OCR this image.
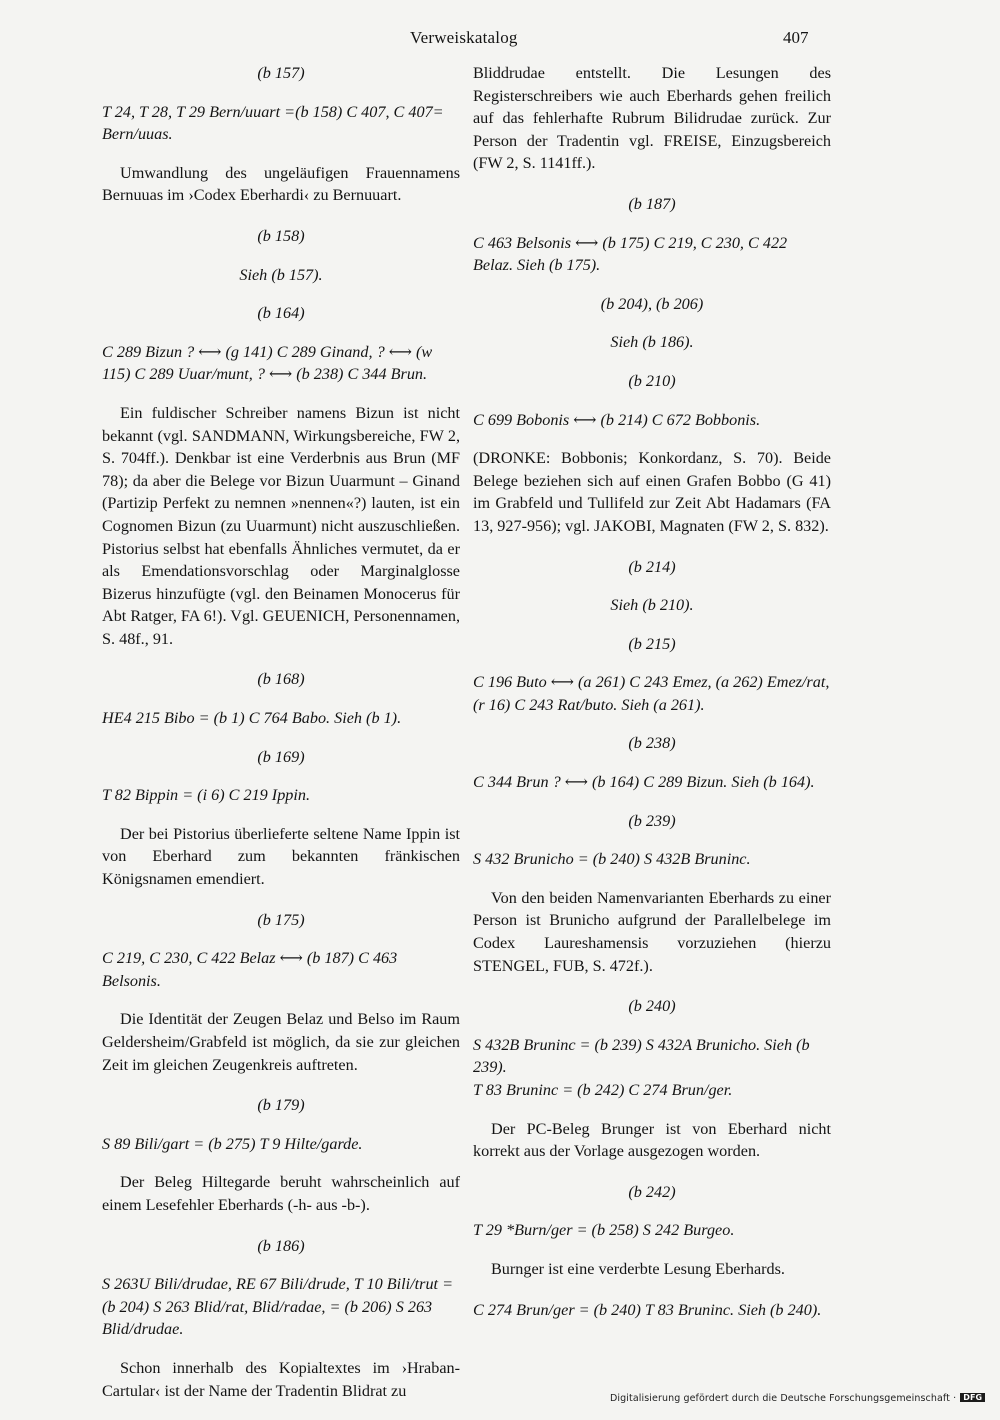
Verweiskatalog	407
(b 157)
T 24, T 28, T 29 Bern/uuart =(b 158) C 407, C 407= Bern/uuas.
Umwandlung des ungeläufigen Frauennamens Bernuuas im ›Codex Eberhardi‹ zu Bernuuart.
(b 158)
Sieh (b 157).
(b 164)
C 289 Bizun ? ⟷ (g 141) C 289 Ginand, ? ⟷ (w 115) C 289 Uuar/munt, ? ⟷ (b 238) C 344 Brun.
Ein fuldischer Schreiber namens Bizun ist nicht bekannt (vgl. SANDMANN, Wirkungsbereiche, FW 2, S. 704ff.). Denkbar ist eine Verderbnis aus Brun (MF 78); da aber die Belege vor Bizun Uuarmunt – Ginand (Partizip Perfekt zu nemnen »nennen«?) lauten, ist ein Cognomen Bizun (zu Uuarmunt) nicht auszuschließen. Pistorius selbst hat ebenfalls Ähnliches vermutet, da er als Emendationsvorschlag oder Marginalglosse Bizerus hinzufügte (vgl. den Beinamen Monocerus für Abt Ratger, FA 6!). Vgl. GEUENICH, Personennamen, S. 48f., 91.
(b 168)
HE4 215 Bibo = (b 1) C 764 Babo. Sieh (b 1).
(b 169)
T 82 Bippin = (i 6) C 219 Ippin.
Der bei Pistorius überlieferte seltene Name Ippin ist von Eberhard zum bekannten fränkischen Königsnamen emendiert.
(b 175)
C 219, C 230, C 422 Belaz ⟷ (b 187) C 463 Belsonis.
Die Identität der Zeugen Belaz und Belso im Raum Geldersheim/Grabfeld ist möglich, da sie zur gleichen Zeit im gleichen Zeugenkreis auftreten.
(b 179)
S 89 Bili/gart = (b 275) T 9 Hilte/garde.
Der Beleg Hiltegarde beruht wahrscheinlich auf einem Lesefehler Eberhards (-h- aus -b-).
(b 186)
S 263U Bili/drudae, RE 67 Bili/drude, T 10 Bili/trut =(b 204) S 263 Blid/rat, Blid/radae, = (b 206) S 263 Blid/drudae.
Schon innerhalb des Kopialtextes im ›Hraban-Cartular‹ ist der Name der Tradentin Blidrat zu
Bliddrudae entstellt. Die Lesungen des Registerschreibers wie auch Eberhards gehen freilich auf das fehlerhafte Rubrum Bilidrudae zurück. Zur Person der Tradentin vgl. FREISE, Einzugsbereich (FW 2, S. 1141ff.).
(b 187)
C 463 Belsonis ⟷ (b 175) C 219, C 230, C 422 Belaz. Sieh (b 175).
(b 204), (b 206)
Sieh (b 186).
(b 210)
C 699 Bobonis ⟷ (b 214) C 672 Bobbonis.
(DRONKE: Bobbonis; Konkordanz, S. 70). Beide Belege beziehen sich auf einen Grafen Bobbo (G 41) im Grabfeld und Tullifeld zur Zeit Abt Hadamars (FA 13, 927-956); vgl. JAKOBI, Magnaten (FW 2, S. 832).
(b 214)
Sieh (b 210).
(b 215)
C 196 Buto ⟷ (a 261) C 243 Emez, (a 262) Emez/rat, (r 16) C 243 Rat/buto. Sieh (a 261).
(b 238)
C 344 Brun ? ⟷ (b 164) C 289 Bizun. Sieh (b 164).
(b 239)
S 432 Brunicho = (b 240) S 432B Bruninc.
Von den beiden Namenvarianten Eberhards zu einer Person ist Brunicho aufgrund der Parallelbelege im Codex Laureshamensis vorzuziehen (hierzu STENGEL, FUB, S. 472f.).
(b 240)
S 432B Bruninc = (b 239) S 432A Brunicho. Sieh (b 239).
T 83 Bruninc = (b 242) C 274 Brun/ger.
Der PC-Beleg Brunger ist von Eberhard nicht korrekt aus der Vorlage ausgezogen worden.
(b 242)
T 29 *Burn/ger = (b 258) S 242 Burgeo.
Burnger ist eine verderbte Lesung Eberhards.
C 274 Brun/ger = (b 240) T 83 Bruninc. Sieh (b 240).
Digitalisierung gefördert durch die Deutsche Forschungsgemeinschaft · DFG
